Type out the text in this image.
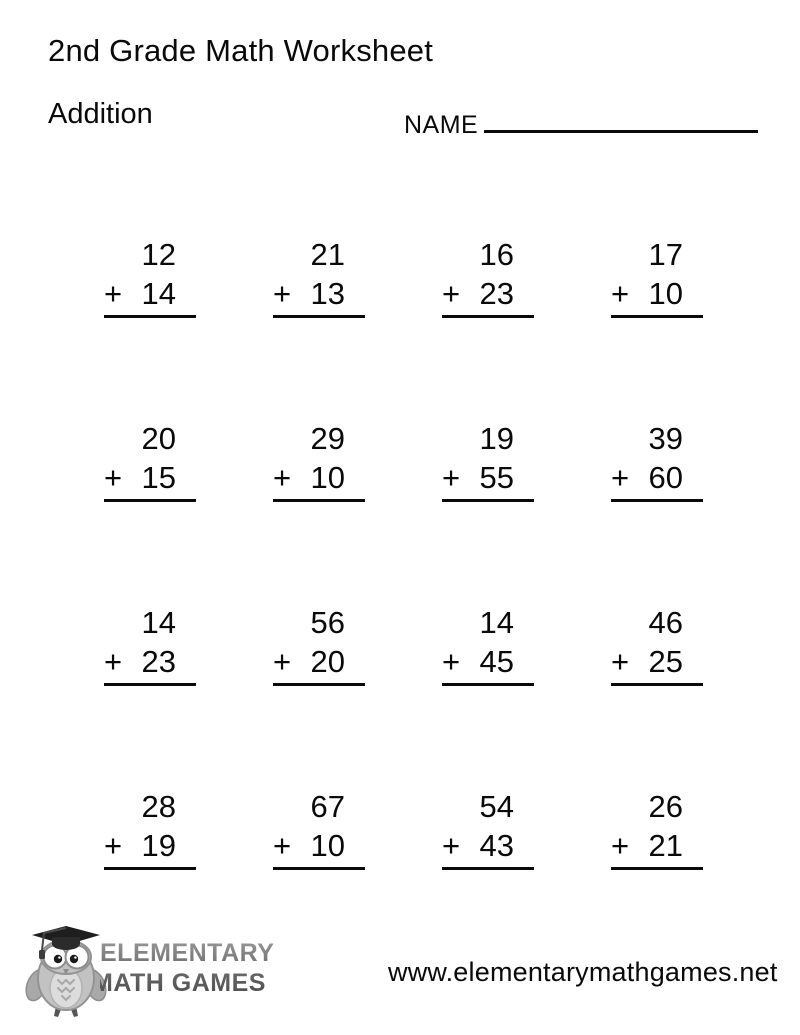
2nd Grade Math Worksheet
Addition	NAME
12
+ 14
21
+ 13
16
+ 23
17
+ 10
20
+ 15
29
+ 10
19
+ 55
39
+ 60
14
+ 23
56
+ 20
14
+ 45
46
+ 25
28
+ 19
67
+ 10
54
+ 43
26
+ 21
ELEMENTARY
MATH GAMES	www.elementarymathgames.net
